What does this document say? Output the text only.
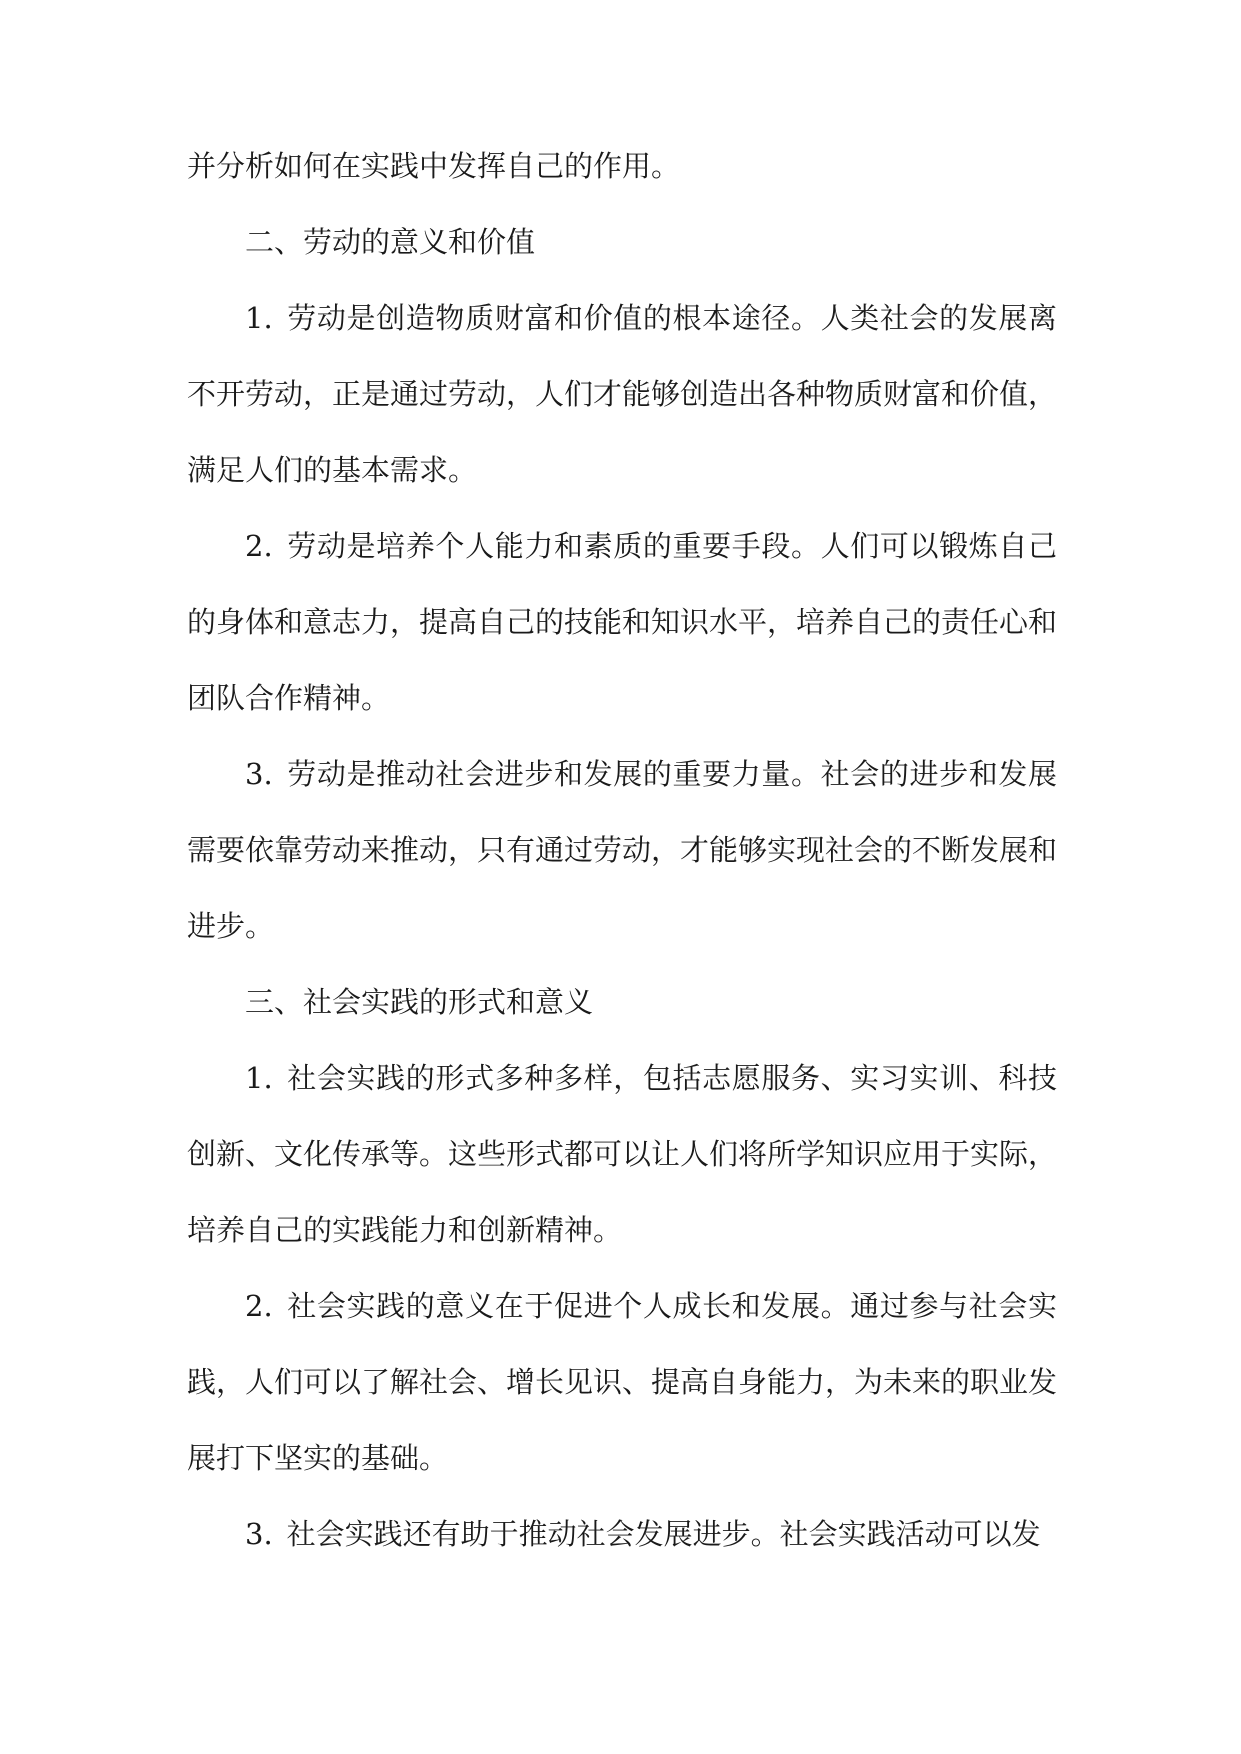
并分析如何在实践中发挥自己的作用。

二、劳动的意义和价值

1. 劳动是创造物质财富和价值的根本途径。人类社会的发展离不开劳动，正是通过劳动，人们才能够创造出各种物质财富和价值，满足人们的基本需求。

2. 劳动是培养个人能力和素质的重要手段。人们可以锻炼自己的身体和意志力，提高自己的技能和知识水平，培养自己的责任心和团队合作精神。

3. 劳动是推动社会进步和发展的重要力量。社会的进步和发展需要依靠劳动来推动，只有通过劳动，才能够实现社会的不断发展和进步。

三、社会实践的形式和意义

1. 社会实践的形式多种多样，包括志愿服务、实习实训、科技创新、文化传承等。这些形式都可以让人们将所学知识应用于实际，培养自己的实践能力和创新精神。

2. 社会实践的意义在于促进个人成长和发展。通过参与社会实践，人们可以了解社会、增长见识、提高自身能力，为未来的职业发展打下坚实的基础。

3. 社会实践还有助于推动社会发展进步。社会实践活动可以发
